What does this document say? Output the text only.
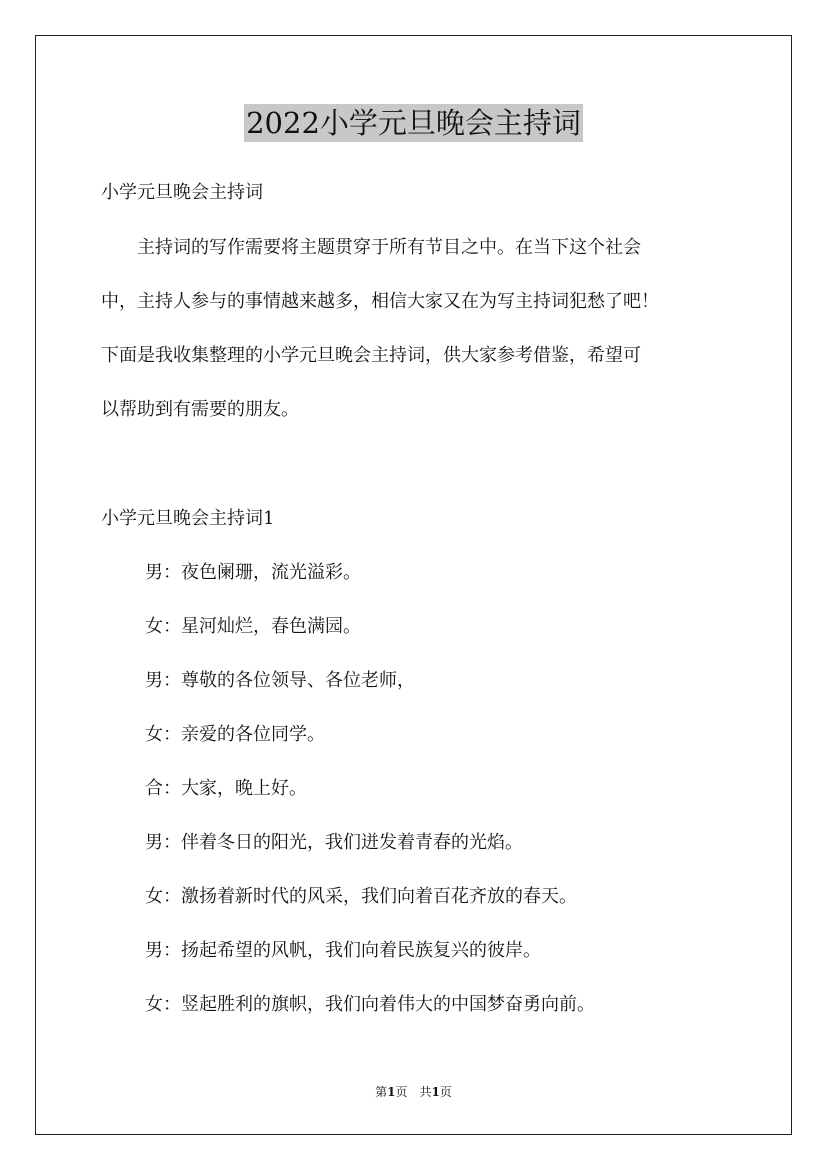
2022小学元旦晚会主持词
小学元旦晚会主持词
　　主持词的写作需要将主题贯穿于所有节目之中。在当下这个社会
中，主持人参与的事情越来越多，相信大家又在为写主持词犯愁了吧！
下面是我收集整理的小学元旦晚会主持词，供大家参考借鉴，希望可
以帮助到有需要的朋友。
小学元旦晚会主持词1
男：夜色阑珊，流光溢彩。
女：星河灿烂，春色满园。
男：尊敬的各位领导、各位老师，
女：亲爱的各位同学。
合：大家，晚上好。
男：伴着冬日的阳光，我们迸发着青春的光焰。
女：激扬着新时代的风采，我们向着百花齐放的春天。
男：扬起希望的风帆，我们向着民族复兴的彼岸。
女：竖起胜利的旗帜，我们向着伟大的中国梦奋勇向前。
第1页　共1页
